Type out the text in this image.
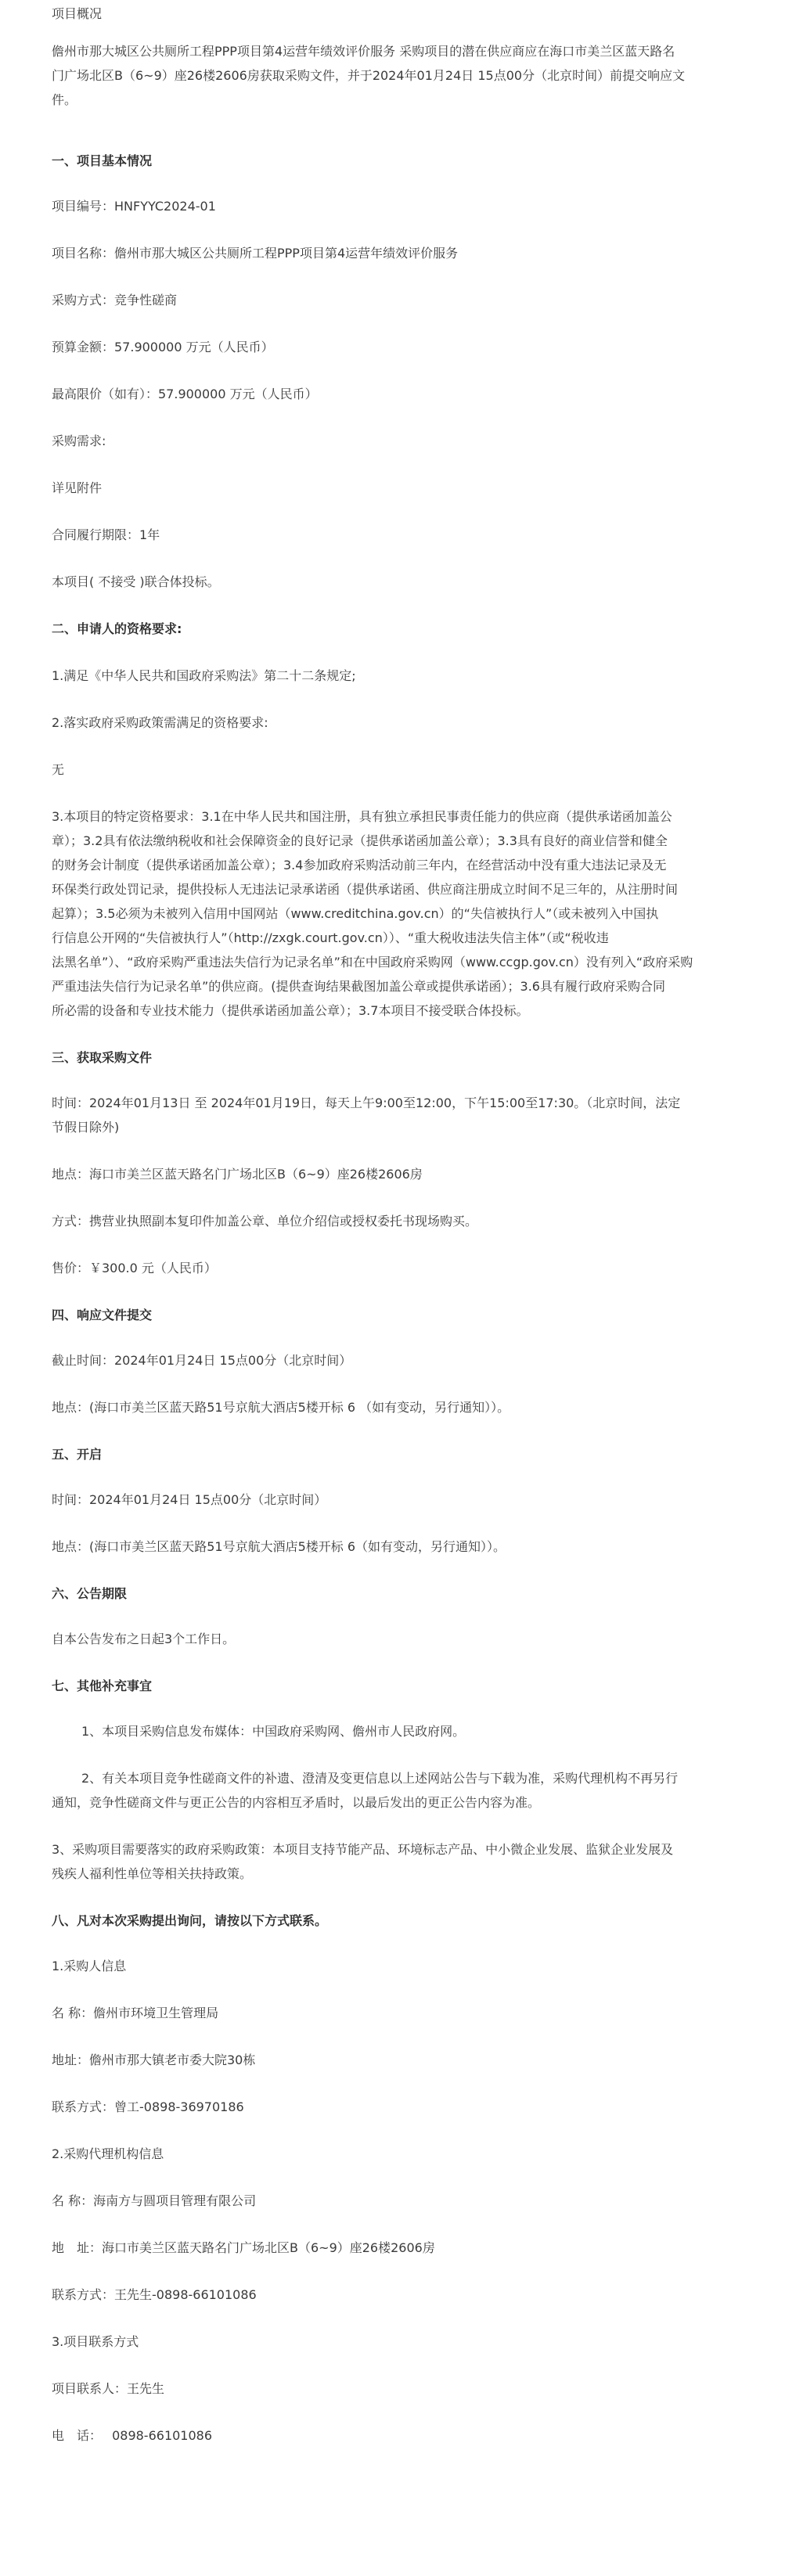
项目概况

儋州市那大城区公共厕所工程PPP项目第4运营年绩效评价服务 采购项目的潜在供应商应在海口市美兰区蓝天路名

门广场北区B（6~9）座26楼2606房获取采购文件，并于2024年01月24日 15点00分（北京时间）前提交响应文

件。

一、项目基本情况

项目编号：HNFYYC2024-01

项目名称：儋州市那大城区公共厕所工程PPP项目第4运营年绩效评价服务

采购方式：竞争性磋商

预算金额：57.900000 万元（人民币）

最高限价（如有）：57.900000 万元（人民币）

采购需求:

详见附件

合同履行期限：1年

本项目( 不接受 )联合体投标。

二、申请人的资格要求:

1.满足《中华人民共和国政府采购法》第二十二条规定;

2.落实政府采购政策需满足的资格要求:

无

3.本项目的特定资格要求：3.1在中华人民共和国注册，具有独立承担民事责任能力的供应商（提供承诺函加盖公

章）；3.2具有依法缴纳税收和社会保障资金的良好记录（提供承诺函加盖公章）；3.3具有良好的商业信誉和健全

的财务会计制度（提供承诺函加盖公章）；3.4参加政府采购活动前三年内，在经营活动中没有重大违法记录及无

环保类行政处罚记录，提供投标人无违法记录承诺函（提供承诺函、供应商注册成立时间不足三年的，从注册时间

起算）；3.5必须为未被列入信用中国网站（www.creditchina.gov.cn）的“失信被执行人”（或未被列入中国执

行信息公开网的“失信被执行人”（http://zxgk.court.gov.cn））、“重大税收违法失信主体”（或“税收违

法黑名单”）、“政府采购严重违法失信行为记录名单”和在中国政府采购网（www.ccgp.gov.cn）没有列入“政府采购

严重违法失信行为记录名单”的供应商。(提供查询结果截图加盖公章或提供承诺函）；3.6具有履行政府采购合同

所必需的设备和专业技术能力（提供承诺函加盖公章）；3.7本项目不接受联合体投标。

三、获取采购文件

时间：2024年01月13日 至 2024年01月19日，每天上午9:00至12:00，下午15:00至17:30。（北京时间，法定

节假日除外)

地点：海口市美兰区蓝天路名门广场北区B（6~9）座26楼2606房

方式：携营业执照副本复印件加盖公章、单位介绍信或授权委托书现场购买。

售价：￥300.0 元（人民币）

四、响应文件提交

截止时间：2024年01月24日 15点00分（北京时间）

地点：(海口市美兰区蓝天路51号京航大酒店5楼开标 6 （如有变动，另行通知））。

五、开启

时间：2024年01月24日 15点00分（北京时间）

地点：(海口市美兰区蓝天路51号京航大酒店5楼开标 6（如有变动，另行通知））。

六、公告期限

自本公告发布之日起3个工作日。

七、其他补充事宜

1、本项目采购信息发布媒体：中国政府采购网、儋州市人民政府网。

2、有关本项目竞争性磋商文件的补遗、澄清及变更信息以上述网站公告与下载为准，采购代理机构不再另行

通知，竞争性磋商文件与更正公告的内容相互矛盾时，以最后发出的更正公告内容为准。

3、采购项目需要落实的政府采购政策：本项目支持节能产品、环境标志产品、中小微企业发展、监狱企业发展及

残疾人福利性单位等相关扶持政策。

八、凡对本次采购提出询问，请按以下方式联系。

1.采购人信息

名 称：儋州市环境卫生管理局

地址：儋州市那大镇老市委大院30栋

联系方式：曾工-0898-36970186

2.采购代理机构信息

名 称：海南方与圆项目管理有限公司

地　址：海口市美兰区蓝天路名门广场北区B（6~9）座26楼2606房

联系方式：王先生-0898-66101086

3.项目联系方式

项目联系人：王先生

电　话：　 0898-66101086
